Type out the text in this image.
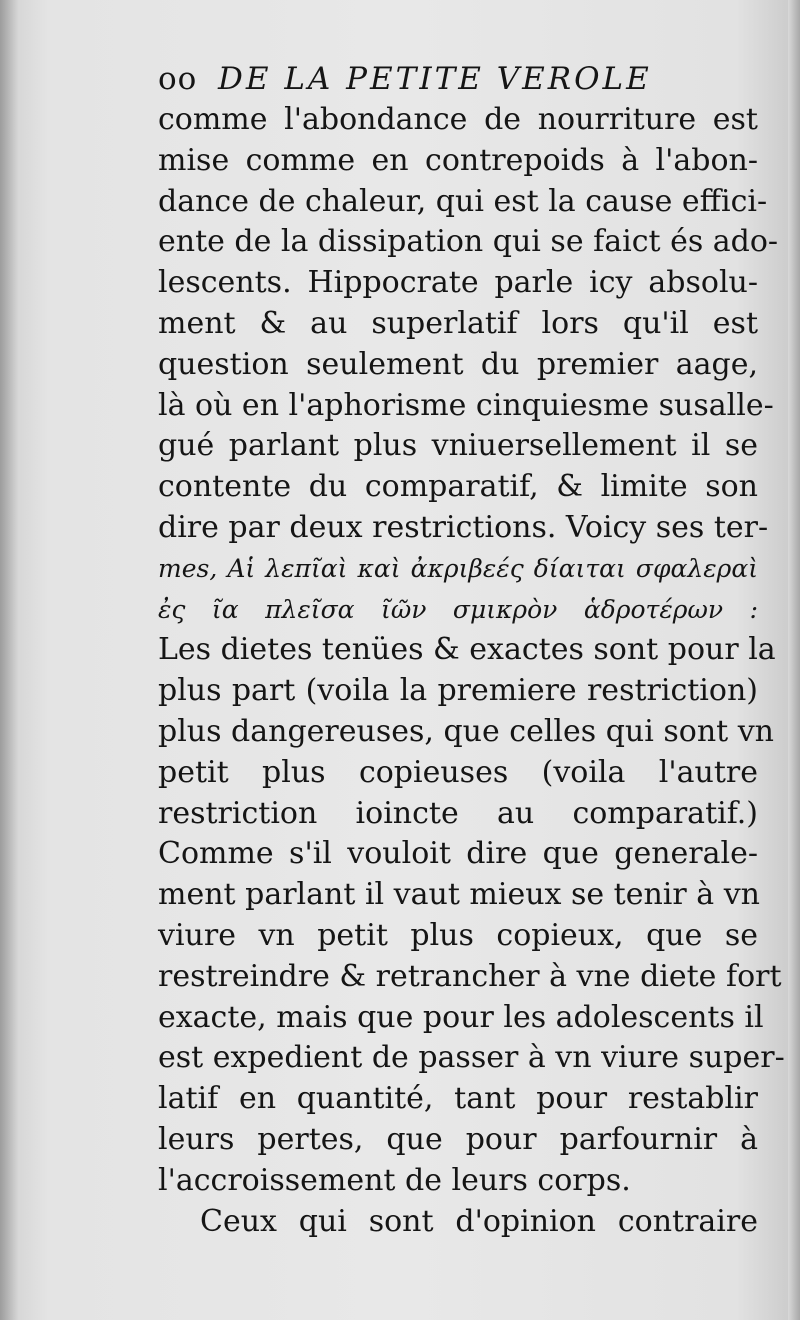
oo DE LA PETITE VEROLE
comme l'abondance de nourriture est
mise comme en contrepoids à l'abon-
dance de chaleur, qui est la cause effici-
ente de la dissipation qui se faict és ado-
lescents. Hippocrate parle icy absolu-
ment & au superlatif lors qu'il est
question seulement du premier aage,
là où en l'aphorisme cinquiesme susalle-
gué parlant plus vniuersellement il se
contente du comparatif, & limite son
dire par deux restrictions. Voicy ses ter-
mes, Αἱ λεπῖαὶ καὶ ἀκριβεές δίαιται σφαλεραὶ
ἐς ῖα πλεῖσα ῖῶν σμικρὸν ἁδροτέρων :
Les dietes tenües & exactes sont pour la
plus part (voila la premiere restriction)
plus dangereuses, que celles qui sont vn
petit plus copieuses (voila l'autre
restriction ioincte au comparatif.)
Comme s'il vouloit dire que generale-
ment parlant il vaut mieux se tenir à vn
viure vn petit plus copieux, que se
restreindre & retrancher à vne diete fort
exacte, mais que pour les adolescents il
est expedient de passer à vn viure super-
latif en quantité, tant pour restablir
leurs pertes, que pour parfournir à
l'accroissement de leurs corps.
Ceux qui sont d'opinion contraire
